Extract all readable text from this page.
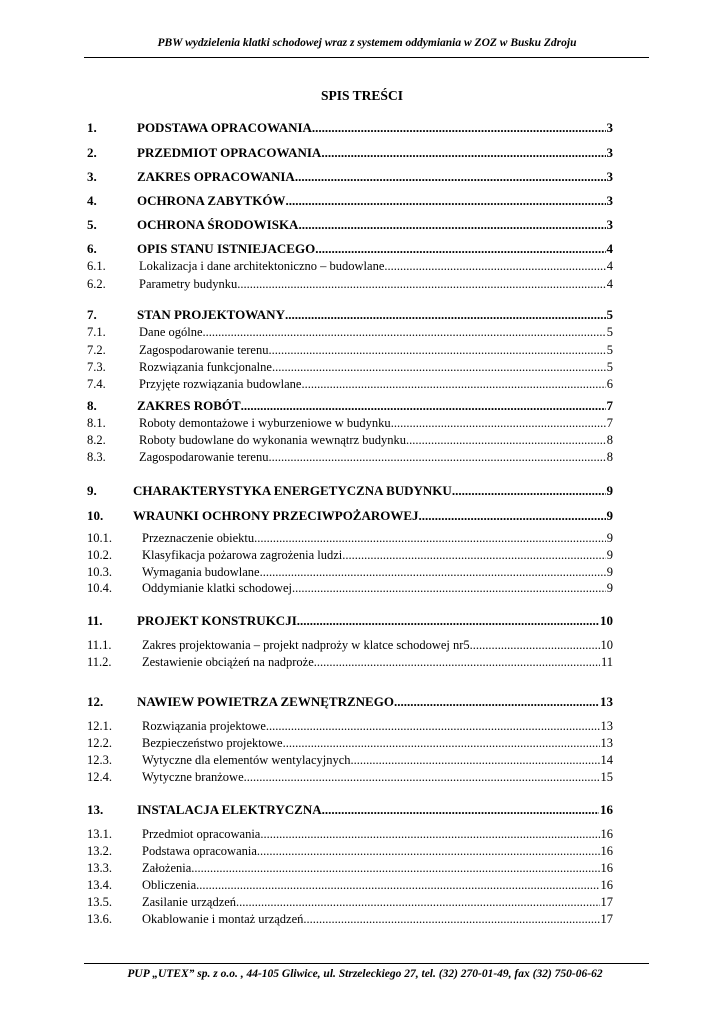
PBW wydzielenia klatki schodowej wraz z systemem oddymiania w ZOZ w Busku Zdroju
SPIS TREŚCI
1.	PODSTAWA OPRACOWANIA .....	3
2.	PRZEDMIOT OPRACOWANIA .....	3
3.	ZAKRES OPRACOWANIA .....	3
4.	OCHRONA ZABYTKÓW .....	3
5.	OCHRONA ŚRODOWISKA .....	3
6.	OPIS STANU ISTNIEJACEGO .....	4
6.1.	Lokalizacja i dane architektoniczno – budowlane .....	4
6.2.	Parametry budynku .....	4
7.	STAN PROJEKTOWANY .....	5
7.1.	Dane ogólne .....	5
7.2.	Zagospodarowanie terenu .....	5
7.3.	Rozwiązania funkcjonalne .....	5
7.4.	Przyjęte rozwiązania budowlane .....	6
8.	ZAKRES ROBÓT .....	7
8.1.	Roboty demontażowe i wyburzeniowe w budynku .....	7
8.2.	Roboty budowlane do wykonania wewnątrz budynku .....	8
8.3.	Zagospodarowanie terenu .....	8
9.	CHARAKTERYSTYKA ENERGETYCZNA BUDYNKU .....	9
10.	WRAUNKI OCHRONY PRZECIWPOŻAROWEJ .....	9
10.1.	Przeznaczenie obiektu .....	9
10.2.	Klasyfikacja pożarowa zagrożenia ludzi .....	9
10.3.	Wymagania budowlane .....	9
10.4.	Oddymianie klatki schodowej .....	9
11.	PROJEKT KONSTRUKCJI .....	10
11.1.	Zakres projektowania – projekt nadproży w klatce schodowej nr5 .....	10
11.2.	Zestawienie obciążeń na nadproże .....	11
12.	NAWIEW POWIETRZA ZEWNĘTRZNEGO .....	13
12.1.	Rozwiązania projektowe .....	13
12.2.	Bezpieczeństwo projektowe .....	13
12.3.	Wytyczne dla elementów wentylacyjnych .....	14
12.4.	Wytyczne branżowe .....	15
13.	INSTALACJA ELEKTRYCZNA .....	16
13.1.	Przedmiot opracowania .....	16
13.2.	Podstawa opracowania .....	16
13.3.	Założenia .....	16
13.4.	Obliczenia .....	16
13.5.	Zasilanie urządzeń .....	17
13.6.	Okablowanie i montaż urządzeń .....	17
PUP „UTEX” sp. z o.o. , 44-105 Gliwice, ul. Strzeleckiego 27, tel. (32) 270-01-49, fax (32) 750-06-62
